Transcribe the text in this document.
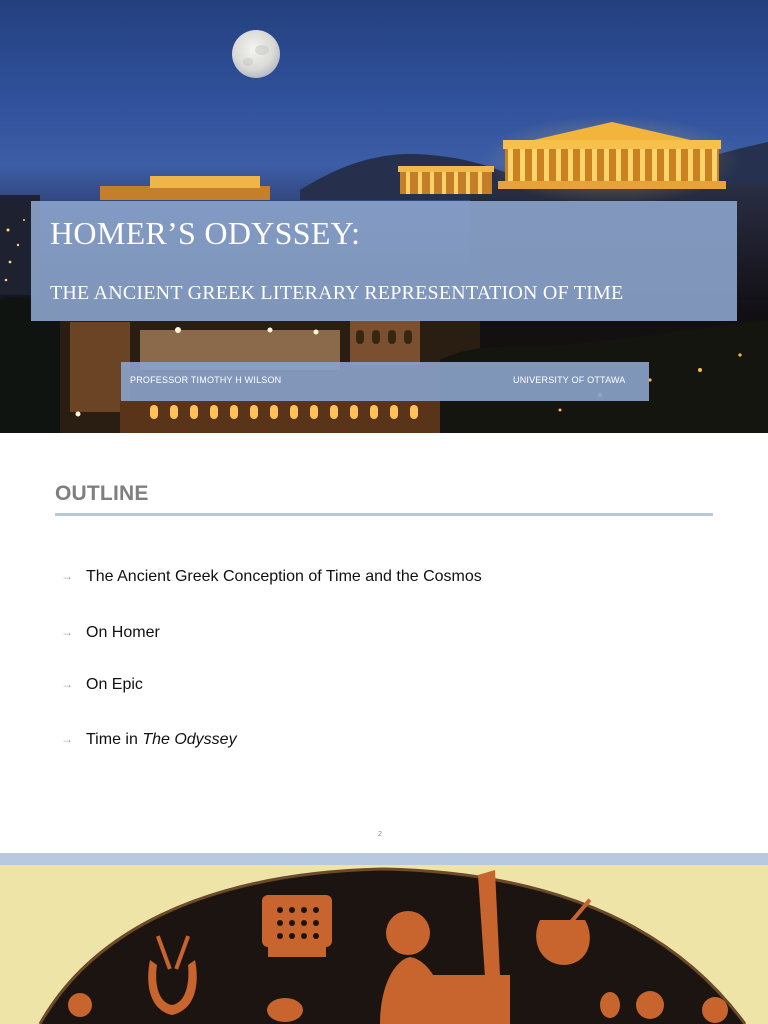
HOMER’S ODYSSEY:
THE ANCIENT GREEK LITERARY REPRESENTATION OF TIME
PROFESSOR TIMOTHY H WILSON	UNIVERSITY OF OTTAWA
OUTLINE
→ The Ancient Greek Conception of Time and the Cosmos
→ On Homer
→ On Epic
→ Time in The Odyssey
2
